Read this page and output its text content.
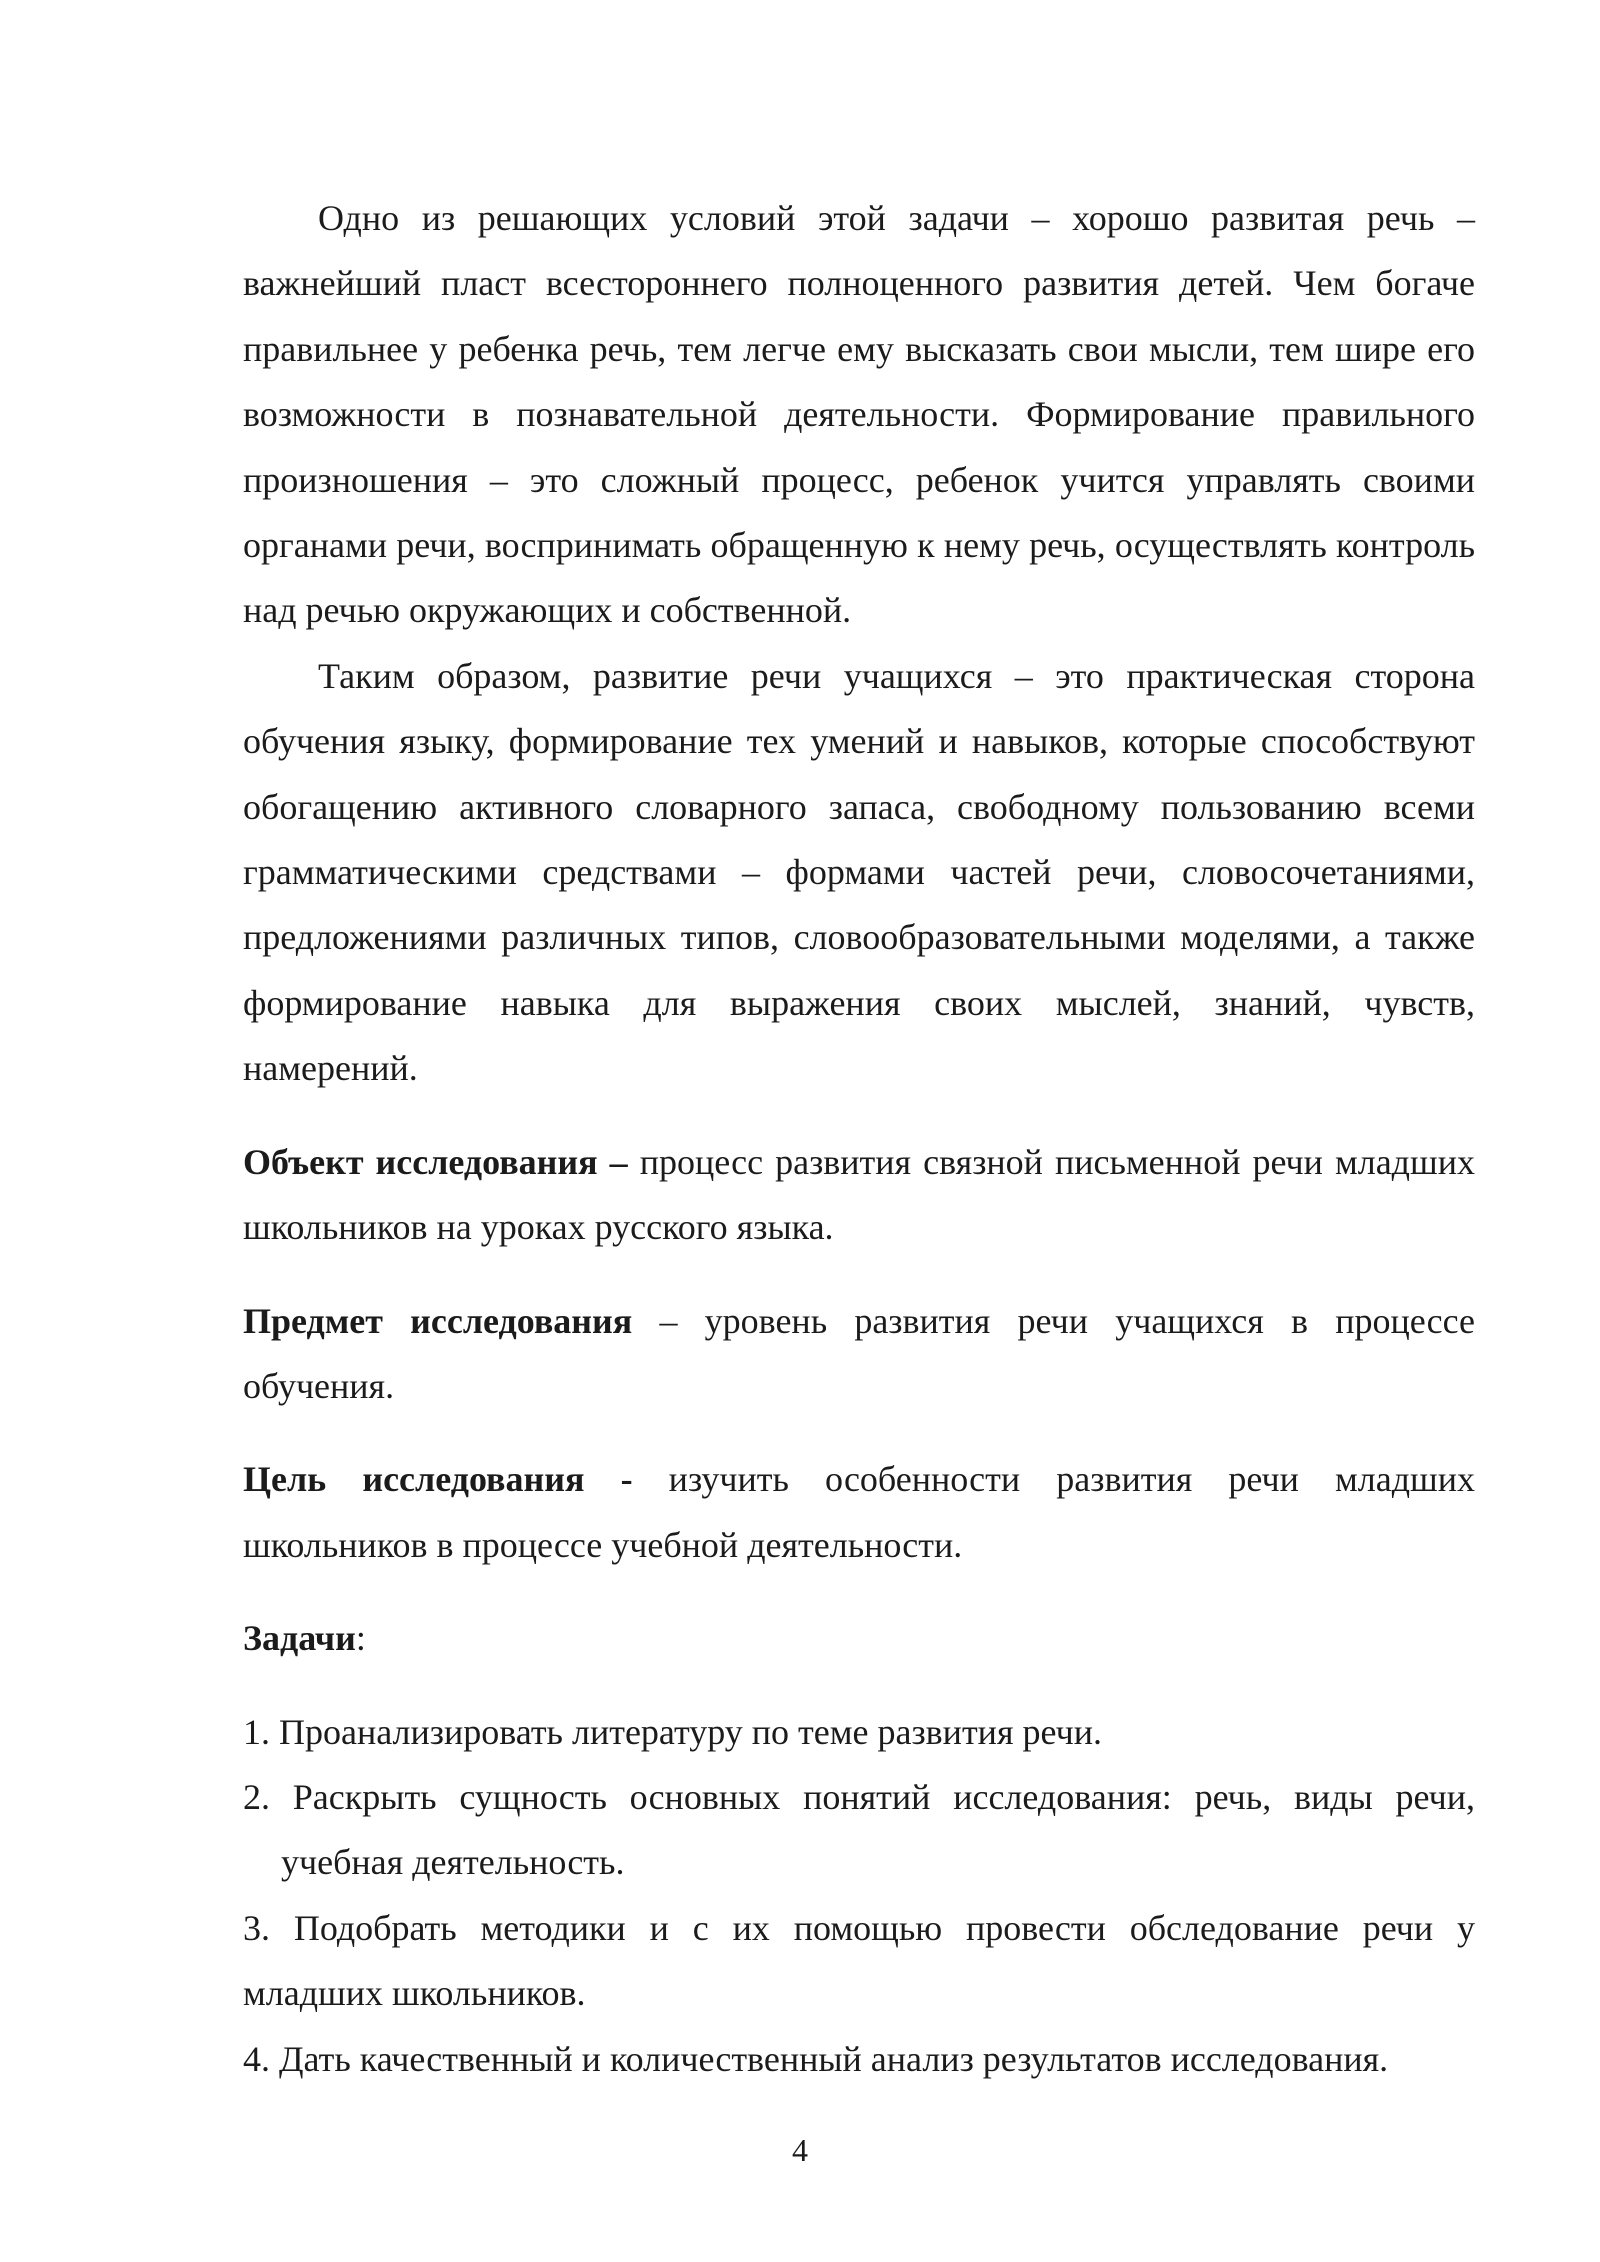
Одно из решающих условий этой задачи – хорошо развитая речь – важнейший пласт всестороннего полноценного развития детей. Чем богаче правильнее у ребенка речь, тем легче ему высказать свои мысли, тем шире его возможности в познавательной деятельности. Формирование правильного произношения – это сложный процесс, ребенок учится управлять своими органами речи, воспринимать обращенную к нему речь, осуществлять контроль над речью окружающих и собственной.

Таким образом, развитие речи учащихся – это практическая сторона обучения языку, формирование тех умений и навыков, которые способствуют обогащению активного словарного запаса, свободному пользованию всеми грамматическими средствами – формами частей речи, словосочетаниями, предложениями различных типов, словообразовательными моделями, а также формирование навыка для выражения своих мыслей, знаний, чувств, намерений.

Объект исследования – процесс развития связной письменной речи младших школьников на уроках русского языка.

Предмет исследования – уровень развития речи учащихся в процессе обучения.

Цель исследования - изучить особенности развития речи младших школьников в процессе учебной деятельности.

Задачи:

1. Проанализировать литературу по теме развития речи.

2. Раскрыть сущность основных понятий исследования: речь, виды речи, учебная деятельность.

3. Подобрать методики и с их помощью провести обследование речи у младших школьников.

4. Дать качественный и количественный анализ результатов исследования.

4
